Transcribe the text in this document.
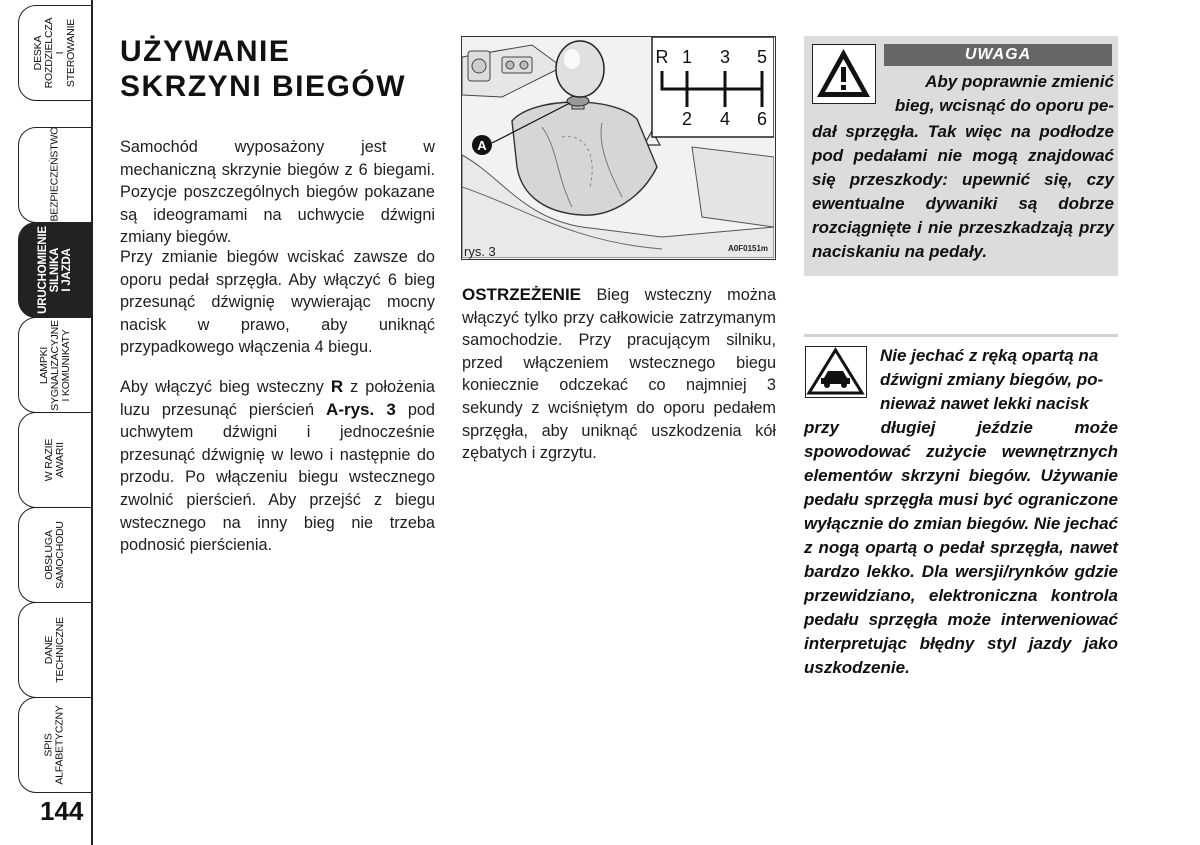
DESKA
ROZDZIELCZA
I STEROWANIE
BEZPIECZEŃSTWO
URUCHOMIENIE
SILNIKA
I JAZDA
LAMPKI
SYGNALIZACYJNE
I KOMUNIKATY
W RAZIE AWARII
OBSŁUGA
SAMOCHODU
DANE
TECHNICZNE
SPIS
ALFABETYCZNY
144
UŻYWANIE SKRZYNI BIEGÓW

Samochód wyposażony jest w mechaniczną skrzynie biegów z 6 biegami. Pozycje poszczególnych biegów pokazane są ideogramami na uchwycie dźwigni zmiany biegów.

Przy zmianie biegów wciskać zawsze do oporu pedał sprzęgła. Aby włączyć 6 bieg przesunąć dźwignię wywierając mocny nacisk w prawo, aby uniknąć przypadkowego włączenia 4 biegu.

Aby włączyć bieg wsteczny R z położenia luzu przesunąć pierścień A-rys. 3 pod uchwytem dźwigni i jednocześnie przesunąć dźwignię w lewo i następnie do przodu. Po włączeniu biegu wstecznego zwolnić pierścień. Aby przejść z biegu wstecznego na inny bieg nie trzeba podnosić pierścienia.

A
R 1 3 5
2 4 6
rys. 3	A0F0151m

OSTRZEŻENIE Bieg wsteczny można włączyć tylko przy całkowicie zatrzymanym samochodzie. Przy pracującym silniku, przed włączeniem wstecznego biegu koniecznie odczekać co najmniej 3 sekundy z wciśniętym do oporu pedałem sprzęgła, aby uniknąć uszkodzenia kół zębatych i zgrzytu.

UWAGA

Aby poprawnie zmienić

bieg, wcisnąć do oporu pe-

dał sprzęgła. Tak więc na podłodze pod pedałami nie mogą znajdować się przeszkody: upewnić się, czy ewentualne dywaniki są dobrze rozciągnięte i nie przeszkadzają przy naciskaniu na pedały.

Nie jechać z ręką opartą na

dźwigni zmiany biegów, po-

nieważ nawet lekki nacisk

przy długiej jeździe może spowodować zużycie wewnętrznych elementów skrzyni biegów. Używanie pedału sprzęgła musi być ograniczone wyłącznie do zmian biegów. Nie jechać z nogą opartą o pedał sprzęgła, nawet bardzo lekko. Dla wersji/rynków gdzie przewidziano, elektroniczna kontrola pedału sprzęgła może interweniować interpretując błędny styl jazdy jako uszkodzenie.
